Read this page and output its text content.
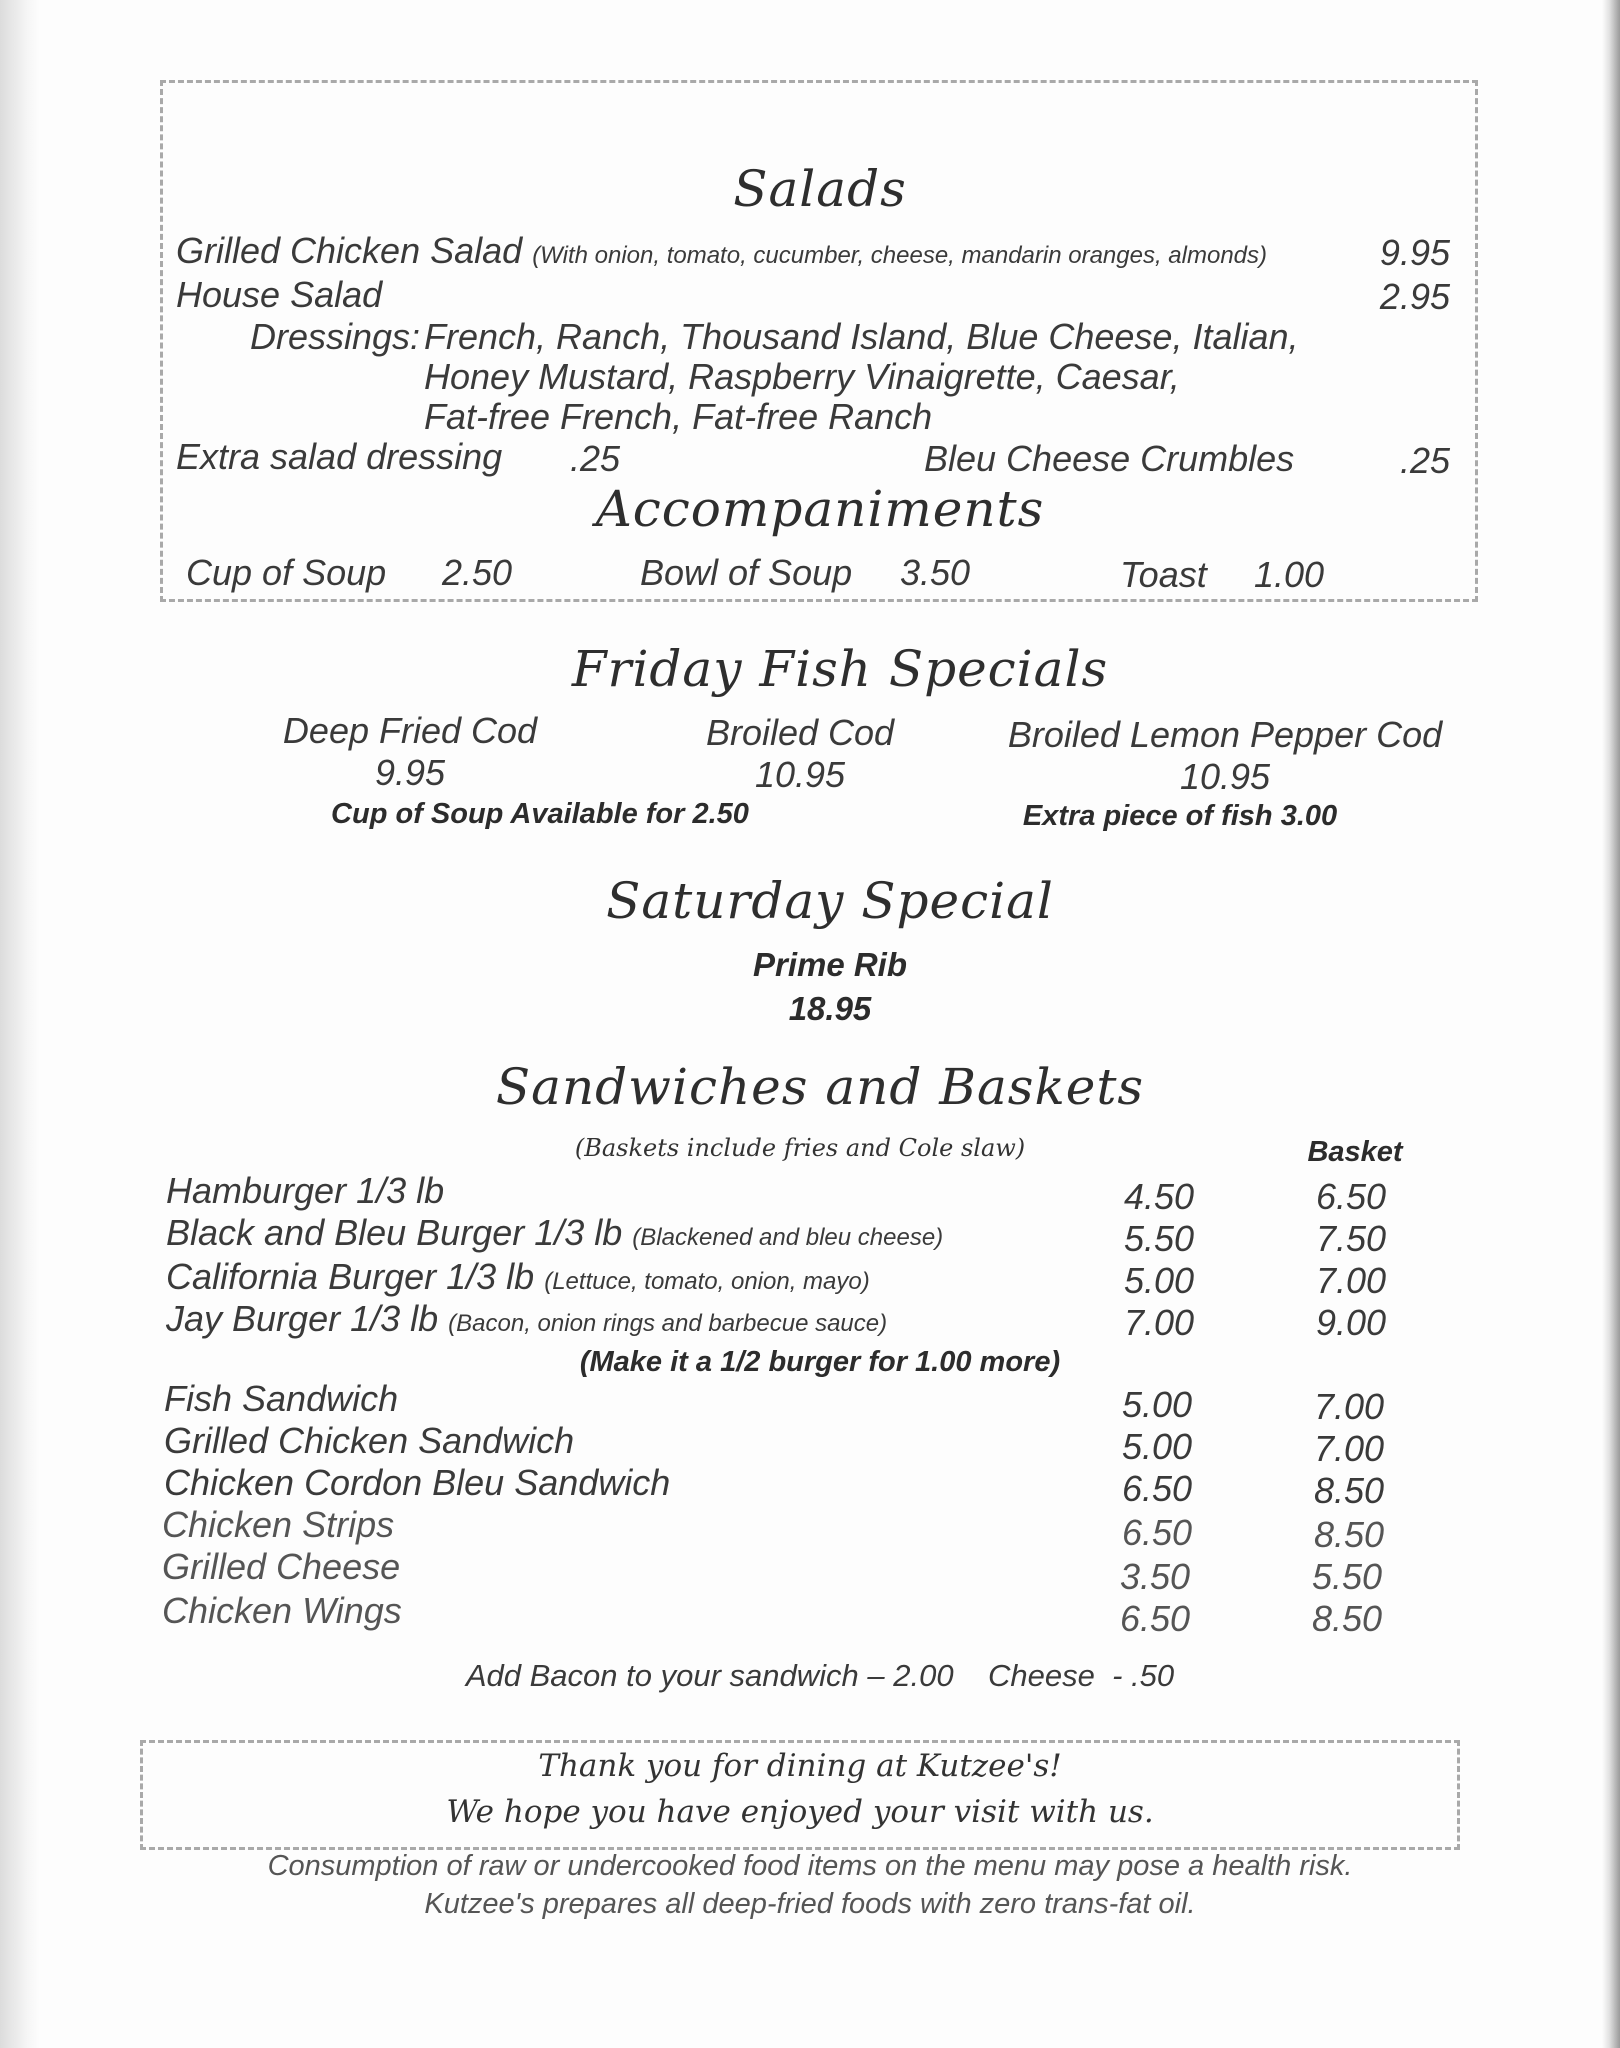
Salads
Grilled Chicken Salad (With onion, tomato, cucumber, cheese, mandarin oranges, almonds)	9.95
House Salad	2.95
Dressings: French, Ranch, Thousand Island, Blue Cheese, Italian,
Honey Mustard, Raspberry Vinaigrette, Caesar,
Fat-free French, Fat-free Ranch
Extra salad dressing .25	Bleu Cheese Crumbles	.25
Accompaniments
Cup of Soup 2.50	Bowl of Soup 3.50	Toast 1.00
Friday Fish Specials
Deep Fried Cod
9.95
Broiled Cod
10.95
Broiled Lemon Pepper Cod
10.95
Cup of Soup Available for 2.50	Extra piece of fish 3.00
Saturday Special
Prime Rib
18.95
Sandwiches and Baskets
(Baskets include fries and Cole slaw)	Basket
Hamburger 1/3 lb	4.50	6.50
Black and Bleu Burger 1/3 lb (Blackened and bleu cheese)	5.50	7.50
California Burger 1/3 lb (Lettuce, tomato, onion, mayo)	5.00	7.00
Jay Burger 1/3 lb (Bacon, onion rings and barbecue sauce)	7.00	9.00
(Make it a 1/2 burger for 1.00 more)
Fish Sandwich	5.00	7.00
Grilled Chicken Sandwich	5.00	7.00
Chicken Cordon Bleu Sandwich	6.50	8.50
Chicken Strips	6.50	8.50
Grilled Cheese	3.50	5.50
Chicken Wings	6.50	8.50
Add Bacon to your sandwich – 2.00    Cheese  - .50
Thank you for dining at Kutzee's!
We hope you have enjoyed your visit with us.
Consumption of raw or undercooked food items on the menu may pose a health risk.
Kutzee's prepares all deep-fried foods with zero trans-fat oil.
